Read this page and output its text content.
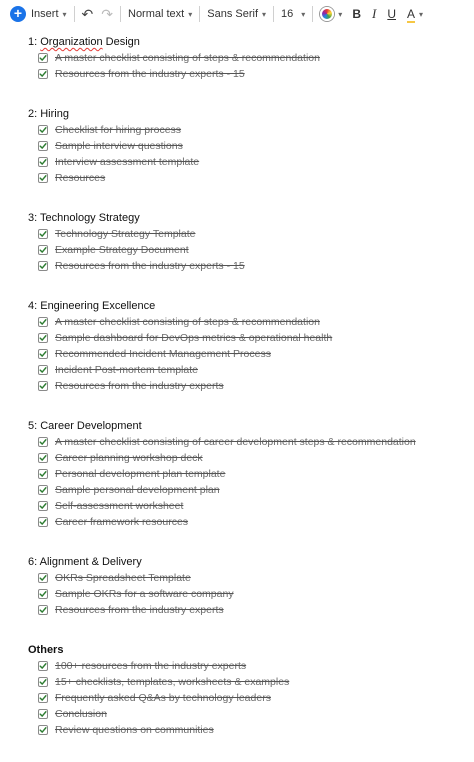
+ Insert ▾ ↶ ↷ Normal text ▾ Sans Serif ▾ 16 ▾	▾ B I U A ▾
1: Organization Design
A master checklist consisting of steps & recommendation
Resources from the industry experts - 15
2: Hiring
Checklist for hiring process
Sample interview questions
Interview assessment template
Resources
3: Technology Strategy
Technology Strategy Template
Example Strategy Document
Resources from the industry experts - 15
4: Engineering Excellence
A master checklist consisting of steps & recommendation
Sample dashboard for DevOps metrics & operational health
Recommended Incident Management Process
Incident Post-mortem template
Resources from the industry experts
5: Career Development
A master checklist consisting of career development steps & recommendation
Career planning workshop deck
Personal development plan template
Sample personal development plan
Self-assessment worksheet
Career framework resources
6: Alignment & Delivery
OKRs Spreadsheet Template
Sample OKRs for a software company
Resources from the industry experts
Others
100+ resources from the industry experts
15+ checklists, templates, worksheets & examples
Frequently asked Q&As by technology leaders
Conclusion
Review questions on communities
